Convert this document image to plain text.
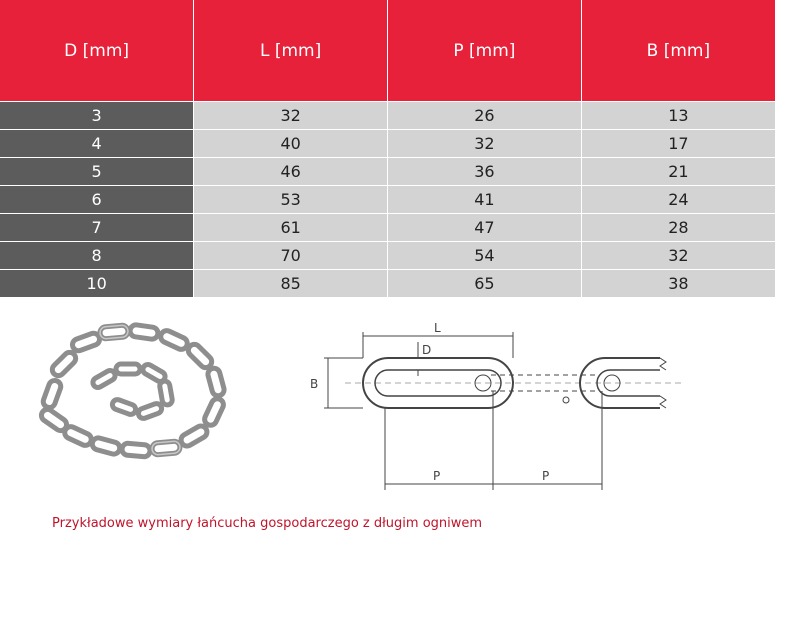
D [mm]	L [mm]	P [mm]	B [mm]
3	32	26	13
4	40	32	17
5	46	36	21
6	53	41	24
7	61	47	28
8	70	54	32
10	85	65	38
L
D
B
P	P

Przykładowe wymiary łańcucha gospodarczego z długim ogniwem
